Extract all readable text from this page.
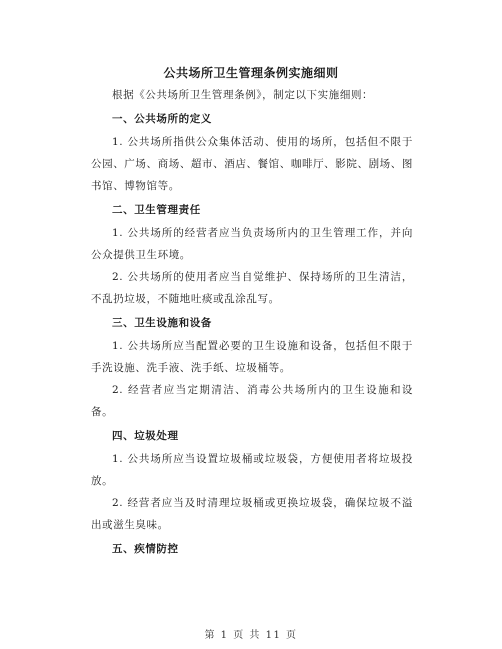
公共场所卫生管理条例实施细则

根据《公共场所卫生管理条例》，制定以下实施细则：

一、公共场所的定义

1. 公共场所指供公众集体活动、使用的场所，包括但不限于公园、广场、商场、超市、酒店、餐馆、咖啡厅、影院、剧场、图书馆、博物馆等。

二、卫生管理责任

1. 公共场所的经营者应当负责场所内的卫生管理工作，并向公众提供卫生环境。

2. 公共场所的使用者应当自觉维护、保持场所的卫生清洁，不乱扔垃圾，不随地吐痰或乱涂乱写。

三、卫生设施和设备

1. 公共场所应当配置必要的卫生设施和设备，包括但不限于手洗设施、洗手液、洗手纸、垃圾桶等。

2. 经营者应当定期清洁、消毒公共场所内的卫生设施和设备。

四、垃圾处理

1. 公共场所应当设置垃圾桶或垃圾袋，方便使用者将垃圾投放。

2. 经营者应当及时清理垃圾桶或更换垃圾袋，确保垃圾不溢出或滋生臭味。

五、疾情防控
第 1 页 共 11 页
